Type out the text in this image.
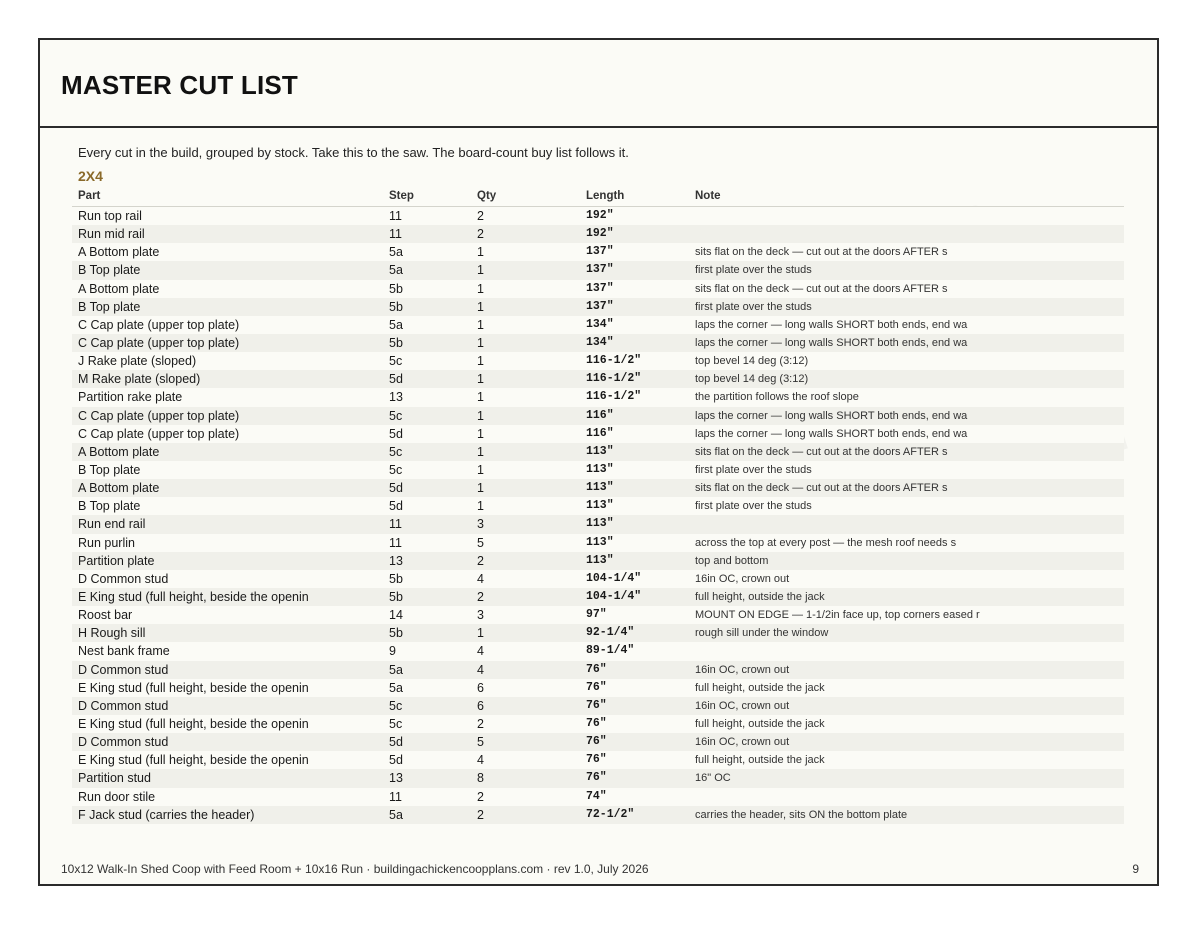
MASTER CUT LIST
Every cut in the build, grouped by stock. Take this to the saw. The board-count buy list follows it.
2X4
Part	Step	Qty	Length	Note
Run top rail	11	2	192"	
Run mid rail	11	2	192"	
A Bottom plate	5a	1	137"	sits flat on the deck — cut out at the doors AFTER s
B Top plate	5a	1	137"	first plate over the studs
A Bottom plate	5b	1	137"	sits flat on the deck — cut out at the doors AFTER s
B Top plate	5b	1	137"	first plate over the studs
C Cap plate (upper top plate)	5a	1	134"	laps the corner — long walls SHORT both ends, end wa
C Cap plate (upper top plate)	5b	1	134"	laps the corner — long walls SHORT both ends, end wa
J Rake plate (sloped)	5c	1	116-1/2"	top bevel 14 deg (3:12)
M Rake plate (sloped)	5d	1	116-1/2"	top bevel 14 deg (3:12)
Partition rake plate	13	1	116-1/2"	the partition follows the roof slope
C Cap plate (upper top plate)	5c	1	116"	laps the corner — long walls SHORT both ends, end wa
C Cap plate (upper top plate)	5d	1	116"	laps the corner — long walls SHORT both ends, end wa
A Bottom plate	5c	1	113"	sits flat on the deck — cut out at the doors AFTER s
B Top plate	5c	1	113"	first plate over the studs
A Bottom plate	5d	1	113"	sits flat on the deck — cut out at the doors AFTER s
B Top plate	5d	1	113"	first plate over the studs
Run end rail	11	3	113"	
Run purlin	11	5	113"	across the top at every post — the mesh roof needs s
Partition plate	13	2	113"	top and bottom
D Common stud	5b	4	104-1/4"	16in OC, crown out
E King stud (full height, beside the openin	5b	2	104-1/4"	full height, outside the jack
Roost bar	14	3	97"	MOUNT ON EDGE — 1-1/2in face up, top corners eased r
H Rough sill	5b	1	92-1/4"	rough sill under the window
Nest bank frame	9	4	89-1/4"	
D Common stud	5a	4	76"	16in OC, crown out
E King stud (full height, beside the openin	5a	6	76"	full height, outside the jack
D Common stud	5c	6	76"	16in OC, crown out
E King stud (full height, beside the openin	5c	2	76"	full height, outside the jack
D Common stud	5d	5	76"	16in OC, crown out
E King stud (full height, beside the openin	5d	4	76"	full height, outside the jack
Partition stud	13	8	76"	16" OC
Run door stile	11	2	74"	
F Jack stud (carries the header)	5a	2	72-1/2"	carries the header, sits ON the bottom plate
10x12 Walk-In Shed Coop with Feed Room + 10x16 Run · buildingachickencoopplans.com · rev 1.0, July 2026	9
